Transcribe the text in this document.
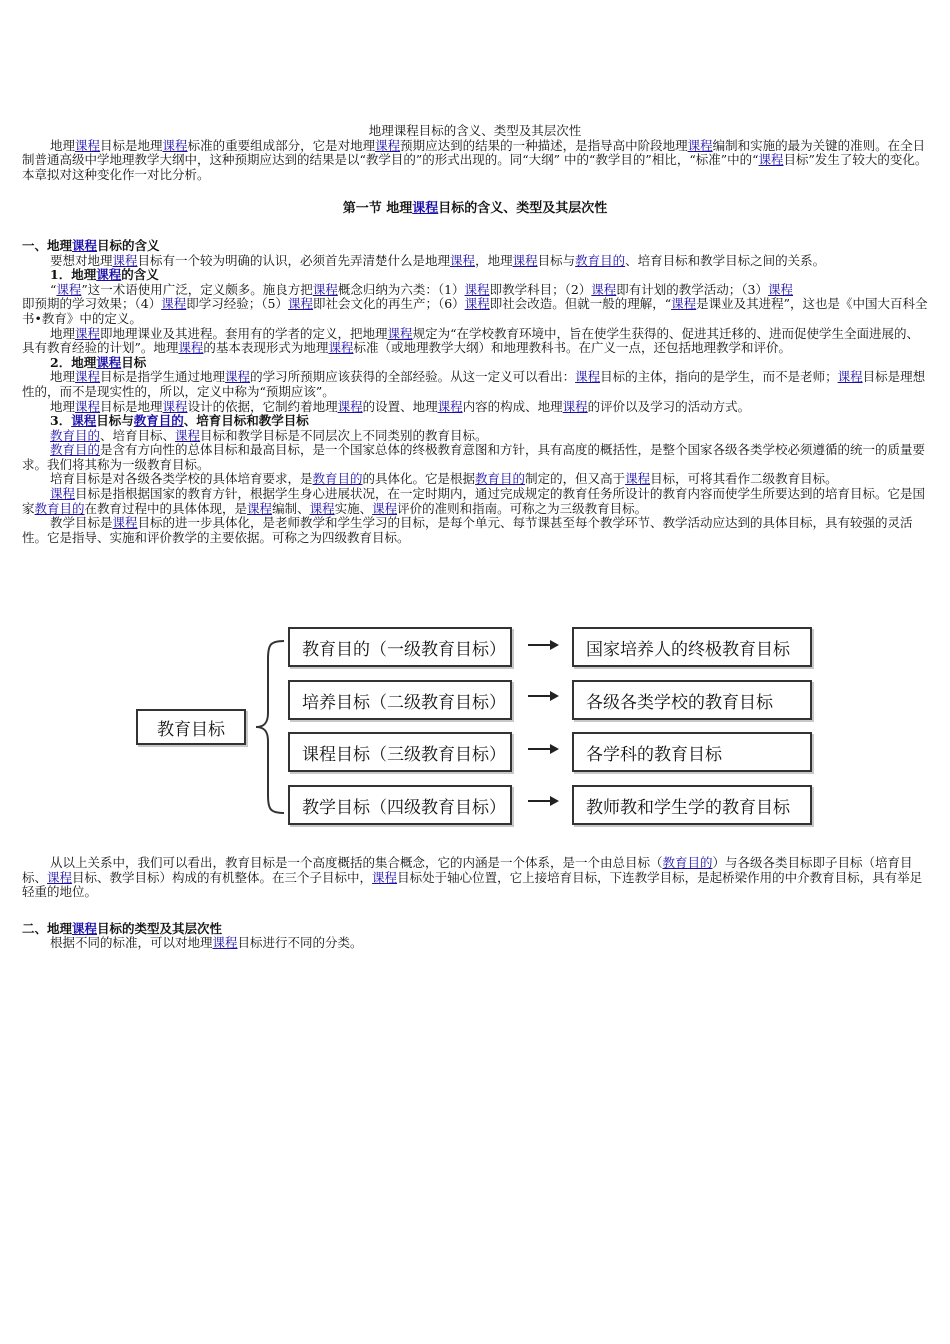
地理课程目标的含义、类型及其层次性

地理课程目标是地理课程标准的重要组成部分，它是对地理课程预期应达到的结果的一种描述，是指导高中阶段地理课程编制和实施的最为关键的准则。在全日制普通高级中学地理教学大纲中，这种预期应达到的结果是以“教学目的”的形式出现的。同“大纲” 中的“教学目的”相比，“标准”中的“课程目标”发生了较大的变化。本章拟对这种变化作一对比分析。

第一节 地理课程目标的含义、类型及其层次性

一、地理课程目标的含义

要想对地理课程目标有一个较为明确的认识，必须首先弄清楚什么是地理课程，地理课程目标与教育目的、培育目标和教学目标之间的关系。

1．地理课程的含义

“课程”这一术语使用广泛，定义颇多。施良方把课程概念归纳为六类：（1）课程即教学科目；（2）课程即有计划的教学活动；（3）课程即预期的学习效果；（4）课程即学习经验；（5）课程即社会文化的再生产；（6）课程即社会改造。但就一般的理解，“课程是课业及其进程”，这也是《中国大百科全书•教育》中的定义。

地理课程即地理课业及其进程。套用有的学者的定义，把地理课程规定为“在学校教育环境中，旨在使学生获得的、促进其迁移的、进而促使学生全面进展的、具有教育经验的计划”。地理课程的基本表现形式为地理课程标准（或地理教学大纲）和地理教科书。在广义一点，还包括地理教学和评价。

2．地理课程目标

地理课程目标是指学生通过地理课程的学习所预期应该获得的全部经验。从这一定义可以看出：课程目标的主体，指向的是学生，而不是老师；课程目标是理想性的，而不是现实性的，所以，定义中称为“预期应该”。

地理课程目标是地理课程设计的依据，它制约着地理课程的设置、地理课程内容的构成、地理课程的评价以及学习的活动方式。

3．课程目标与教育目的、培育目标和教学目标

教育目的、培育目标、课程目标和教学目标是不同层次上不同类别的教育目标。

教育目的是含有方向性的总体目标和最高目标，是一个国家总体的终极教育意图和方针，具有高度的概括性，是整个国家各级各类学校必须遵循的统一的质量要求。我们将其称为一级教育目标。

培育目标是对各级各类学校的具体培育要求，是教育目的的具体化。它是根据教育目的制定的，但又高于课程目标，可将其看作二级教育目标。

课程目标是指根据国家的教育方针，根据学生身心进展状况，在一定时期内，通过完成规定的教育任务所设计的教育内容而使学生所要达到的培育目标。它是国家教育目的在教育过程中的具体体现，是课程编制、课程实施、课程评价的准则和指南。可称之为三级教育目标。

教学目标是课程目标的进一步具体化，是老师教学和学生学习的目标，是每个单元、每节课甚至每个教学环节、教学活动应达到的具体目标，具有较强的灵活性。它是指导、实施和评价教学的主要依据。可称之为四级教育目标。

教育目标
教育目的（一级教育目标）
培养目标（二级教育目标）
课程目标（三级教育目标）
教学目标（四级教育目标）
国家培养人的终极教育目标
各级各类学校的教育目标
各学科的教育目标
教师教和学生学的教育目标

从以上关系中，我们可以看出，教育目标是一个高度概括的集合概念，它的内涵是一个体系，是一个由总目标（教育目的）与各级各类目标即子目标（培育目标、课程目标、教学目标）构成的有机整体。在三个子目标中，课程目标处于轴心位置，它上接培育目标，下连教学目标，是起桥梁作用的中介教育目标，具有举足轻重的地位。

二、地理课程目标的类型及其层次性

根据不同的标准，可以对地理课程目标进行不同的分类。
